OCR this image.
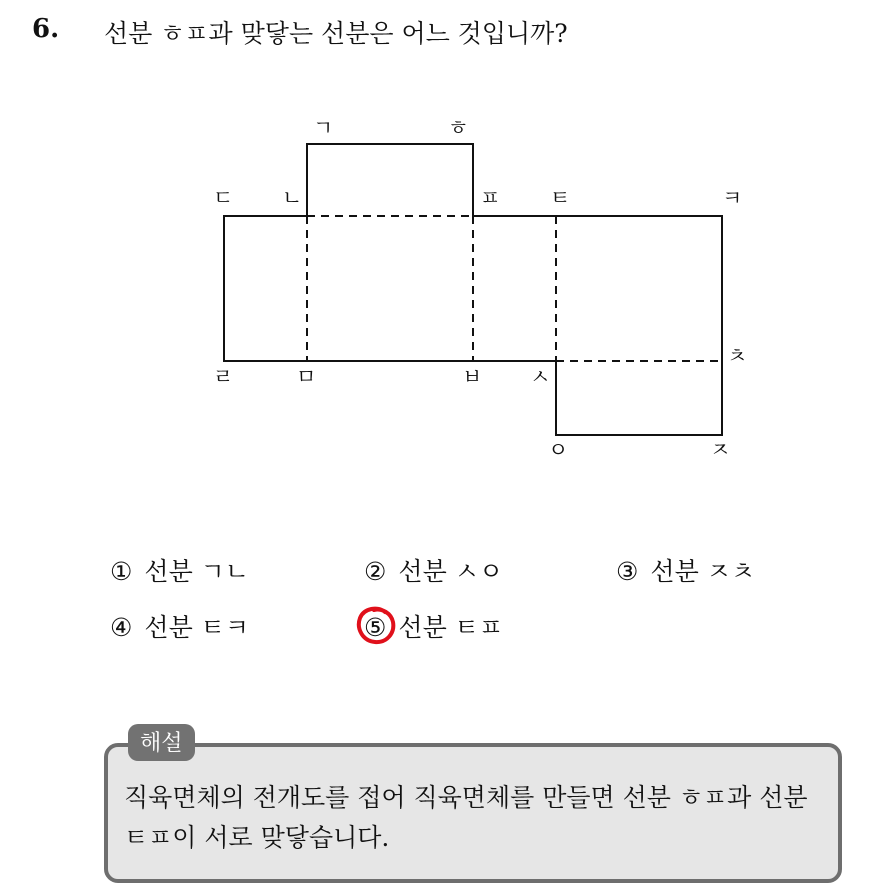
6. 선분 ㅎㅍ과 맞닿는 선분은 어느 것입니까?
ㄱ	ㅎ
ㄷ ㄴ	ㅍ ㅌ	ㅋ
ㄹ	ㅁ	ㅂ ㅅ
ㅊ
ㅇ	ㅈ
① 선분 ㄱㄴ	② 선분 ㅅㅇ	③ 선분 ㅈㅊ
④ 선분 ㅌㅋ	⑤ 선분 ㅌㅍ
해설
직육면체의 전개도를 접어 직육면체를 만들면 선분 ㅎㅍ과 선분 ㅌㅍ이 서로 맞닿습니다.
